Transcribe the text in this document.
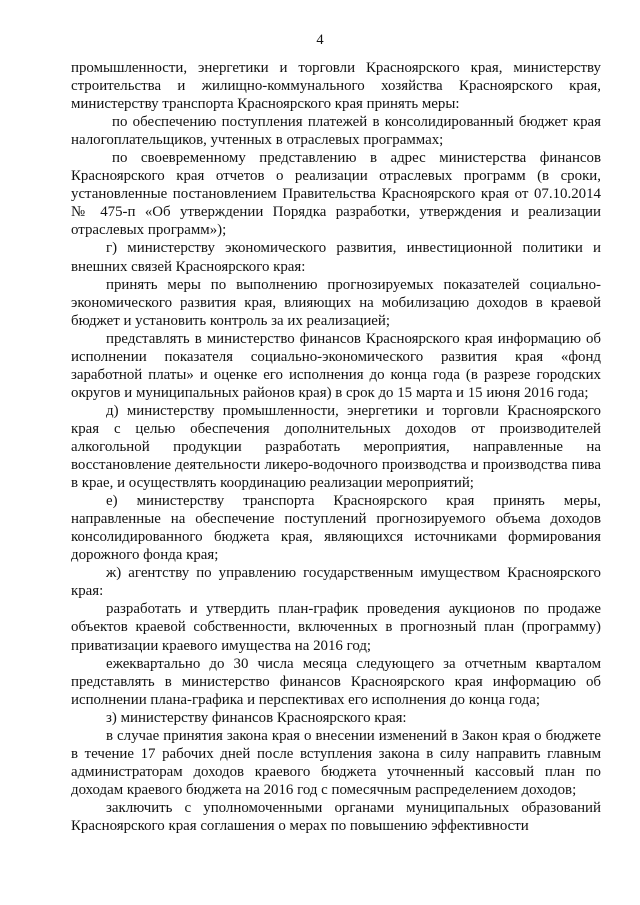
4

промышленности, энергетики и торговли Красноярского края, министерству строительства и жилищно-коммунального хозяйства Красноярского края, министерству транспорта Красноярского края принять меры:

по обеспечению поступления платежей в консолидированный бюджет края налогоплательщиков, учтенных в отраслевых программах;

по своевременному представлению в адрес министерства финансов Красноярского края отчетов о реализации отраслевых программ (в сроки, установленные постановлением Правительства Красноярского края от 07.10.2014 № 475-п «Об утверждении Порядка разработки, утверждения и реализации отраслевых программ»);

г) министерству экономического развития, инвестиционной политики и внешних связей Красноярского края:

принять меры по выполнению прогнозируемых показателей социально-экономического развития края, влияющих на мобилизацию доходов в краевой бюджет и установить контроль за их реализацией;

представлять в министерство финансов Красноярского края информацию об исполнении показателя социально-экономического развития края «фонд заработной платы» и оценке его исполнения до конца года (в разрезе городских округов и муниципальных районов края) в срок до 15 марта и 15 июня 2016 года;

д) министерству промышленности, энергетики и торговли Красноярского края с целью обеспечения дополнительных доходов от производителей алкогольной продукции разработать мероприятия, направленные на восстановление деятельности ликеро-водочного производства и производства пива в крае, и осуществлять координацию реализации мероприятий;

е) министерству транспорта Красноярского края принять меры, направленные на обеспечение поступлений прогнозируемого объема доходов консолидированного бюджета края, являющихся источниками формирования дорожного фонда края;

ж) агентству по управлению государственным имуществом Красноярского края:

разработать и утвердить план-график проведения аукционов по продаже объектов краевой собственности, включенных в прогнозный план (программу) приватизации краевого имущества на 2016 год;

ежеквартально до 30 числа месяца следующего за отчетным кварталом представлять в министерство финансов Красноярского края информацию об исполнении плана-графика и перспективах его исполнения до конца года;

з) министерству финансов Красноярского края:

в случае принятия закона края о внесении изменений в Закон края о бюджете в течение 17 рабочих дней после вступления закона в силу направить главным администраторам доходов краевого бюджета уточненный кассовый план по доходам краевого бюджета на 2016 год с помесячным распределением доходов;

заключить с уполномоченными органами муниципальных образований Красноярского края соглашения о мерах по повышению эффективности
